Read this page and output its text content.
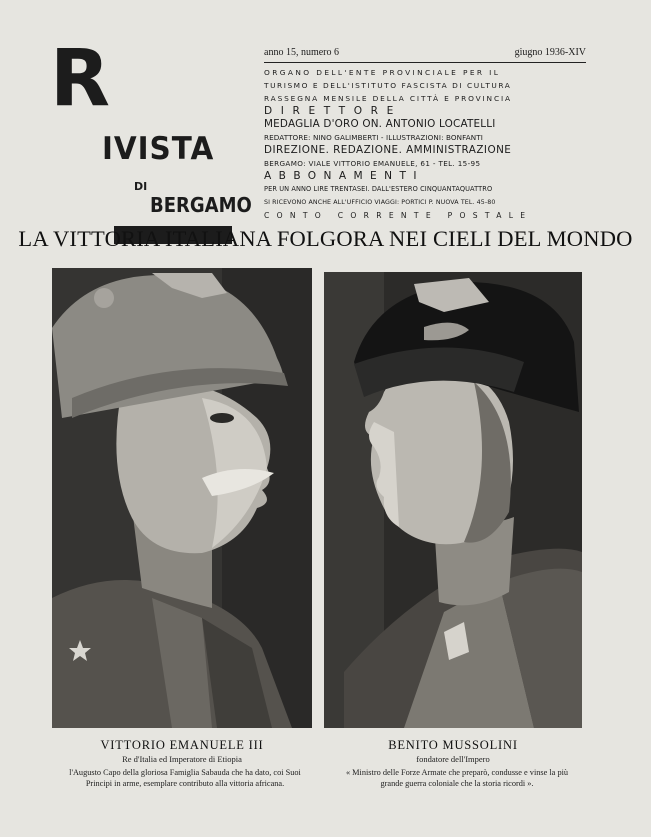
R
IVISTA
DI
BERGAMO
anno 15, numero 6	giugno 1936-XIV
ORGANO DELL'ENTE PROVINCIALE PER IL
TURISMO E DELL'ISTITUTO FASCISTA DI CULTURA
RASSEGNA MENSILE DELLA CITTÀ E PROVINCIA
DIRETTORE
MEDAGLIA D'ORO ON. ANTONIO LOCATELLI
REDATTORE: NINO GALIMBERTI - ILLUSTRAZIONI: BONFANTI
DIREZIONE. REDAZIONE. AMMINISTRAZIONE
BERGAMO: VIALE VITTORIO EMANUELE, 61 - TEL. 15-95
ABBONAMENTI
PER UN ANNO LIRE TRENTASEI. DALL'ESTERO CINQUANTAQUATTRO
SI RICEVONO ANCHE ALL'UFFICIO VIAGGI: PORTICI P. NUOVA TEL. 45-80
CONTO CORRENTE POSTALE
LA VITTORIA ITALIANA FOLGORA NEI CIELI DEL MONDO
VITTORIO EMANUELE III
Re d'Italia ed Imperatore di Etiopia
l'Augusto Capo della gloriosa Famiglia Sabauda che ha dato, coi Suoi
Principi in arme, esemplare contributo alla vittoria africana.
BENITO MUSSOLINI
fondatore dell'Impero
« Ministro delle Forze Armate che preparò, condusse e vinse la più
grande guerra coloniale che la storia ricordi ».
